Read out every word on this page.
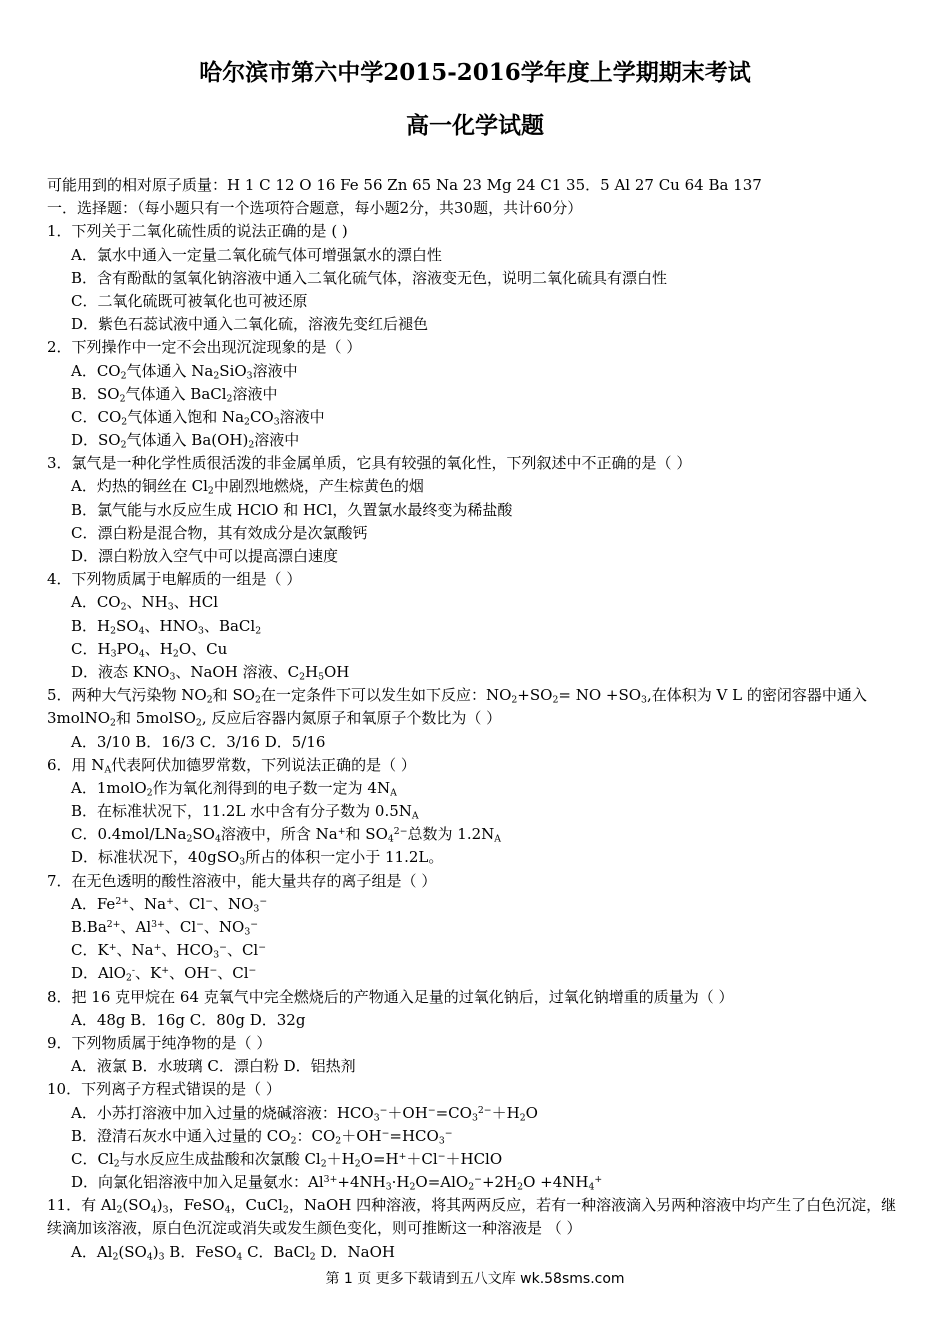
哈尔滨市第六中学2015-2016学年度上学期期末考试
高一化学试题
可能用到的相对原子质量：H 1 C 12 O 16 Fe 56 Zn 65 Na 23 Mg 24 C1 35．5 Al 27 Cu 64 Ba 137
一．选择题：（每小题只有一个选项符合题意，每小题2分，共30题，共计60分）
1．下列关于二氧化硫性质的说法正确的是 ( )
A．氯水中通入一定量二氧化硫气体可增强氯水的漂白性
B．含有酚酞的氢氧化钠溶液中通入二氧化硫气体，溶液变无色，说明二氧化硫具有漂白性
C．二氧化硫既可被氧化也可被还原
D．紫色石蕊试液中通入二氧化硫，溶液先变红后褪色
2．下列操作中一定不会出现沉淀现象的是（ ）
A．$CO_2$气体通入 $Na_2SiO_3$溶液中
B．$SO_2$气体通入 BaCl$_2$溶液中
C．$CO_2$气体通入饱和 $Na_2CO_3$溶液中
D．$SO_2$气体通入 $Ba(OH)_2$溶液中
3．氯气是一种化学性质很活泼的非金属单质，它具有较强的氧化性，下列叙述中不正确的是（ ）
A．灼热的铜丝在 $Cl_2$中剧烈地燃烧，产生棕黄色的烟
B．氯气能与水反应生成 HClO 和 HCl，久置氯水最终变为稀盐酸
C．漂白粉是混合物，其有效成分是次氯酸钙
D．漂白粉放入空气中可以提高漂白速度
4．下列物质属于电解质的一组是（ ）
A．$CO_2$、$NH_3$、HCl
B．$H_2SO_4$、$HNO_3$、BaCl$_2$
C．$H_3PO_4$、$H_2O$、Cu
D．液态 $KNO_3$、NaOH 溶液、$C_2H_5OH$
5．两种大气污染物 $NO_2$和 $SO_2$在一定条件下可以发生如下反应：$NO_2+SO_2=$ NO $+SO_3$,在体积为 V L 的密闭容器中通入 3molNO$_2$和 5molSO$_2$, 反应后容器内氮原子和氧原子个数比为（ ）
A．3/10 B．16/3 C．3/16 D．5/16
6．用 $N_A$代表阿伏加德罗常数，下列说法正确的是（ ）
A．1molO$_2$作为氧化剂得到的电子数一定为 $4N_A$
B．在标准状况下，11.2L 水中含有分子数为 $0.5N_A$
C．$0.4mol/LNa_2SO_4$溶液中，所含 Na+和 $SO_4^{2-}$总数为 $1.2N_A$
D．标准状况下，40gSO$_3$所占的体积一定小于 11.2L。
7．在无色透明的酸性溶液中，能大量共存的离子组是（ ）
A．$Fe^{2+}$、Na+、Cl−、$NO_3^-$
$B.Ba^{2+}$、$Al^{3+}$、Cl−、$NO_3^-$
C．K+、Na+、$HCO_3^-$、Cl−
D．AlO$_2$-、K+、OH−、Cl−
8．把 16 克甲烷在 64 克氧气中完全燃烧后的产物通入足量的过氧化钠后，过氧化钠增重的质量为（ ）
A．48g B．16g C．80g D．32g
9．下列物质属于纯净物的是（ ）
A．液氯 B．水玻璃 C．漂白粉 D．铝热剂
10．下列离子方程式错误的是（ ）
A．小苏打溶液中加入过量的烧碱溶液：$HCO_3^-+OH^-=CO_3^{2-}+H_2O$
B．澄清石灰水中通入过量的 $CO_2$：$CO_2+OH^-=HCO_3^-$
C．$Cl_2$与水反应生成盐酸和次氯酸 $Cl_2+H_2O=H^++Cl^-+HClO$
D．向氯化铝溶液中加入足量氨水：$Al^{3+}+4NH_3\cdot H_2O=AlO_2^-+2H_2O +4NH_4^+$
11．有 $Al_2(SO_4)_3$，FeSO$_4$，CuCl$_2$，NaOH 四种溶液，将其两两反应，若有一种溶液滴入另两种溶液中均产生了白色沉淀，继续滴加该溶液，原白色沉淀或消失或发生颜色变化，则可推断这一种溶液是 （ ）
A．$Al_2(SO_4)_3$ B．FeSO$_4$ C．BaCl$_2$ D．NaOH
第 1 页 更多下载请到五八文库 wk.58sms.com
